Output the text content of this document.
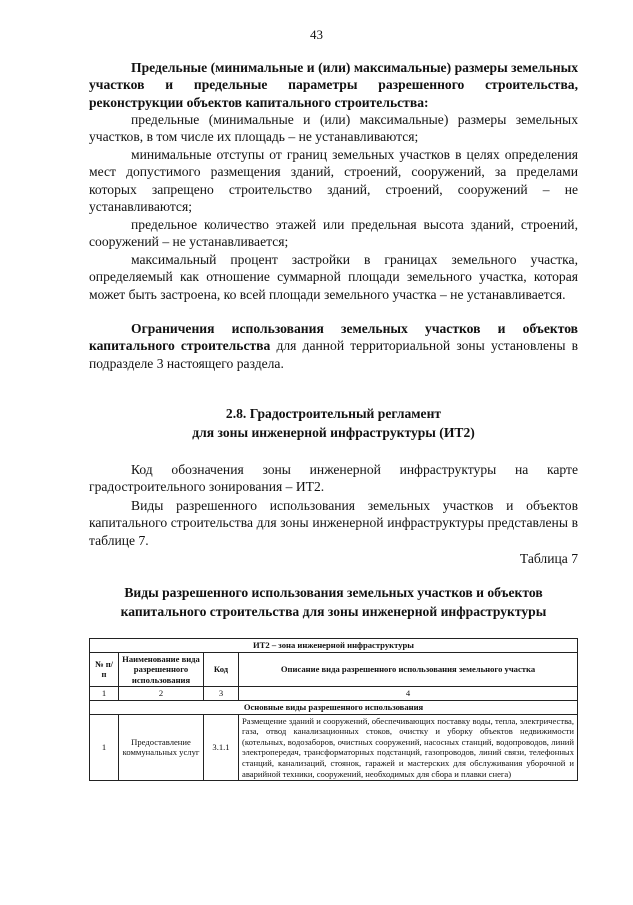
43

Предельные (минимальные и (или) максимальные) размеры земельных участков и предельные параметры разрешенного строительства, реконструкции объектов капитального строительства:

предельные (минимальные и (или) максимальные) размеры земельных участков, в том числе их площадь – не устанавливаются;

минимальные отступы от границ земельных участков в целях определения мест допустимого размещения зданий, строений, сооружений, за пределами которых запрещено строительство зданий, строений, сооружений – не устанавливаются;

предельное количество этажей или предельная высота зданий, строений, сооружений – не устанавливается;

максимальный процент застройки в границах земельного участка, определяемый как отношение суммарной площади земельного участка, которая может быть застроена, ко всей площади земельного участка – не устанавливается.

Ограничения использования земельных участков и объектов капитального строительства для данной территориальной зоны установлены в подразделе 3 настоящего раздела.

2.8. Градостроительный регламент

для зоны инженерной инфраструктуры (ИТ2)

Код обозначения зоны инженерной инфраструктуры на карте градостроительного зонирования – ИТ2.

Виды разрешенного использования земельных участков и объектов капитального строительства для зоны инженерной инфраструктуры представлены в таблице 7.

Таблица 7

Виды разрешенного использования земельных участков и объектов

капитального строительства для зоны инженерной инфраструктуры

ИТ2 – зона инженерной инфраструктуры			
№ п/п	Наименование вида разрешенного использования	Код	Описание вида разрешенного использования земельного участка
1	2	3	4
Основные виды разрешенного использования			
1	Предоставление коммунальных услуг	3.1.1	Размещение зданий и сооружений, обеспечивающих поставку воды, тепла, электричества, газа, отвод канализационных стоков, очистку и уборку объектов недвижимости (котельных, водозаборов, очистных сооружений, насосных станций, водопроводов, линий электропередач, трансформаторных подстанций, газопроводов, линий связи, телефонных станций, канализаций, стоянок, гаражей и мастерских для обслуживания уборочной и аварийной техники, сооружений, необходимых для сбора и плавки снега)
